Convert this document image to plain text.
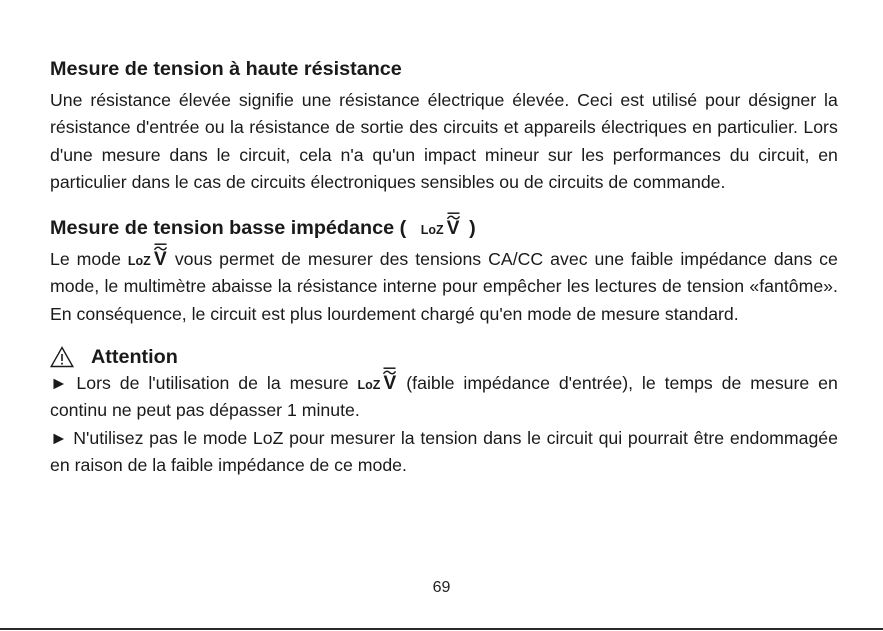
Mesure de tension à haute résistance
Une résistance élevée signifie une résistance électrique élevée. Ceci est utilisé pour désigner la
résistance d'entrée ou la résistance de sortie des circuits et appareils électriques en particulier. Lors
d'une mesure dans le circuit, cela n'a qu'un impact mineur sur les performances du circuit, en
particulier dans le cas de circuits électroniques sensibles ou de circuits de commande.
Mesure de tension basse impédance ( LoZ V )
Le mode LoZ V vous permet de mesurer des tensions CA/CC avec une faible impédance dans ce
mode, le multimètre abaisse la résistance interne pour empêcher les lectures de tension «fantôme».
En conséquence, le circuit est plus lourdement chargé qu'en mode de mesure standard.
Attention
► Lors de l'utilisation de la mesure LoZ V (faible impédance d'entrée), le temps de mesure en
continu ne peut pas dépasser 1 minute.
► N'utilisez pas le mode LoZ pour mesurer la tension dans le circuit qui pourrait être endommagée
en raison de la faible impédance de ce mode.
69
